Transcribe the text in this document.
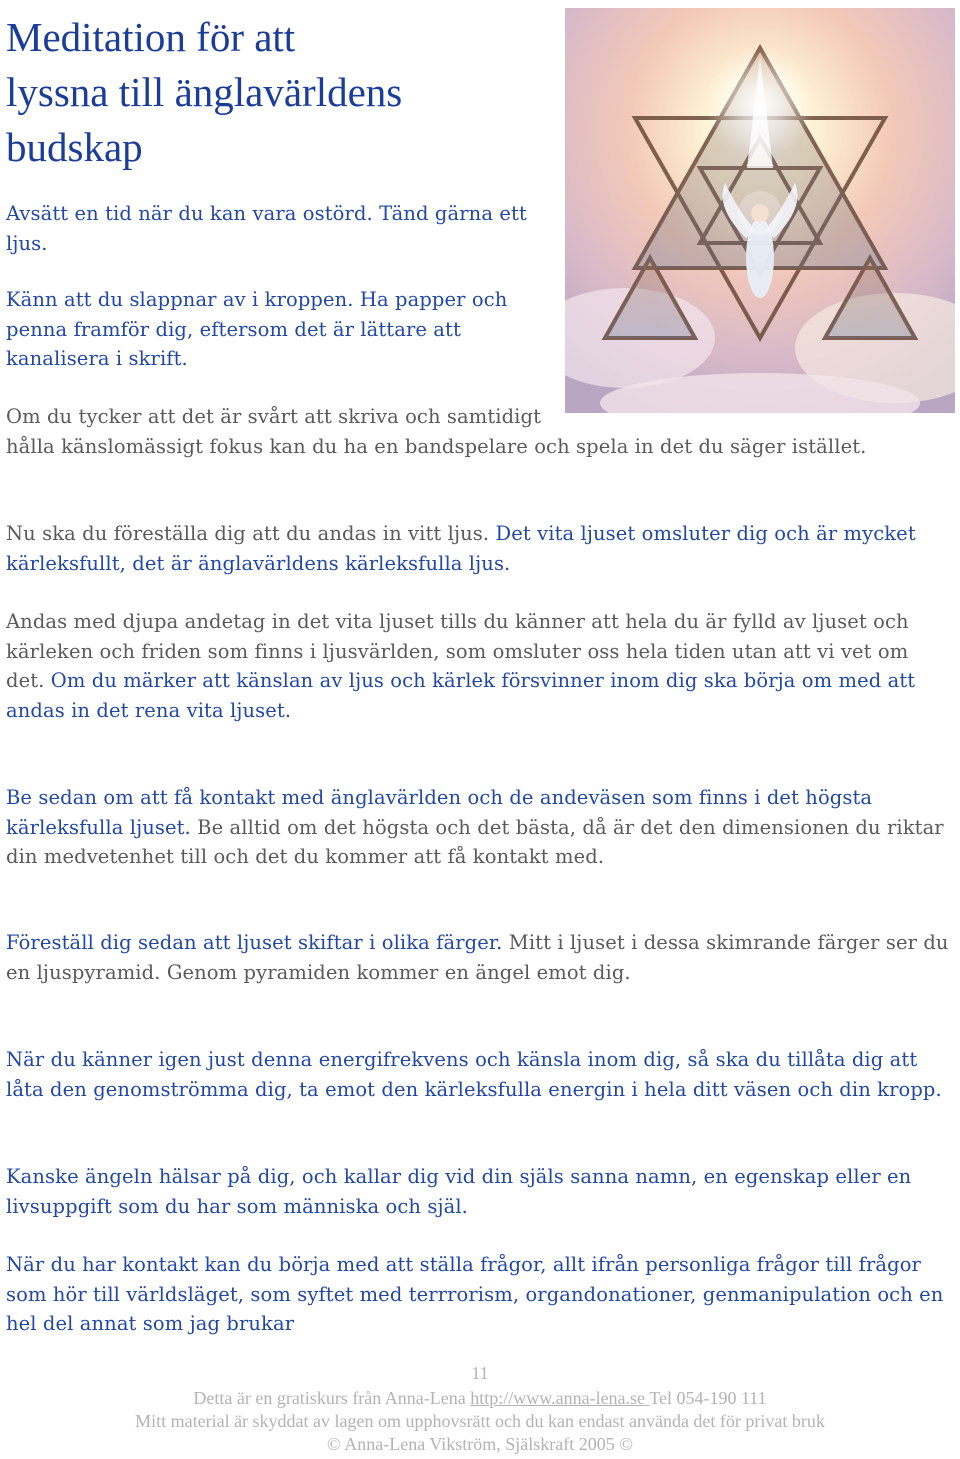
Meditation för att
lyssna till änglavärldens
budskap

Avsätt en tid när du kan vara ostörd. Tänd gärna ett ljus.

Känn att du slappnar av i kroppen. Ha papper och penna framför dig, eftersom det är lättare att kanalisera i skrift.

Om du tycker att det är svårt att skriva och samtidigt hålla känslomässigt fokus kan du ha en bandspelare och spela in det du säger istället.

Nu ska du föreställa dig att du andas in vitt ljus. Det vita ljuset omsluter dig och är mycket kärleksfullt, det är änglavärldens kärleksfulla ljus.

Andas med djupa andetag in det vita ljuset tills du känner att hela du är fylld av ljuset och kärleken och friden som finns i ljusvärlden, som omsluter oss hela tiden utan att vi vet om det. Om du märker att känslan av ljus och kärlek försvinner inom dig ska börja om med att andas in det rena vita ljuset.

Be sedan om att få kontakt med änglavärlden och de andeväsen som finns i det högsta kärleksfulla ljuset. Be alltid om det högsta och det bästa, då är det den dimensionen du riktar din medvetenhet till och det du kommer att få kontakt med.

Föreställ dig sedan att ljuset skiftar i olika färger. Mitt i ljuset i dessa skimrande färger ser du en ljuspyramid. Genom pyramiden kommer en ängel emot dig.

När du känner igen just denna energifrekvens och känsla inom dig, så ska du tillåta dig att låta den genomströmma dig, ta emot den kärleksfulla energin i hela ditt väsen och din kropp.

Kanske ängeln hälsar på dig, och kallar dig vid din själs sanna namn, en egenskap eller en livsuppgift som du har som människa och själ.

När du har kontakt kan du börja med att ställa frågor, allt ifrån personliga frågor till frågor som hör till världsläget, som syftet med terrrorism, organdonationer, genmanipulation och en hel del annat som jag brukar

11
Detta är en gratiskurs från Anna-Lena http://www.anna-lena.se Tel 054-190 111
Mitt material är skyddat av lagen om upphovsrätt och du kan endast använda det för privat bruk
© Anna-Lena Vikström, Själskraft 2005 ©
